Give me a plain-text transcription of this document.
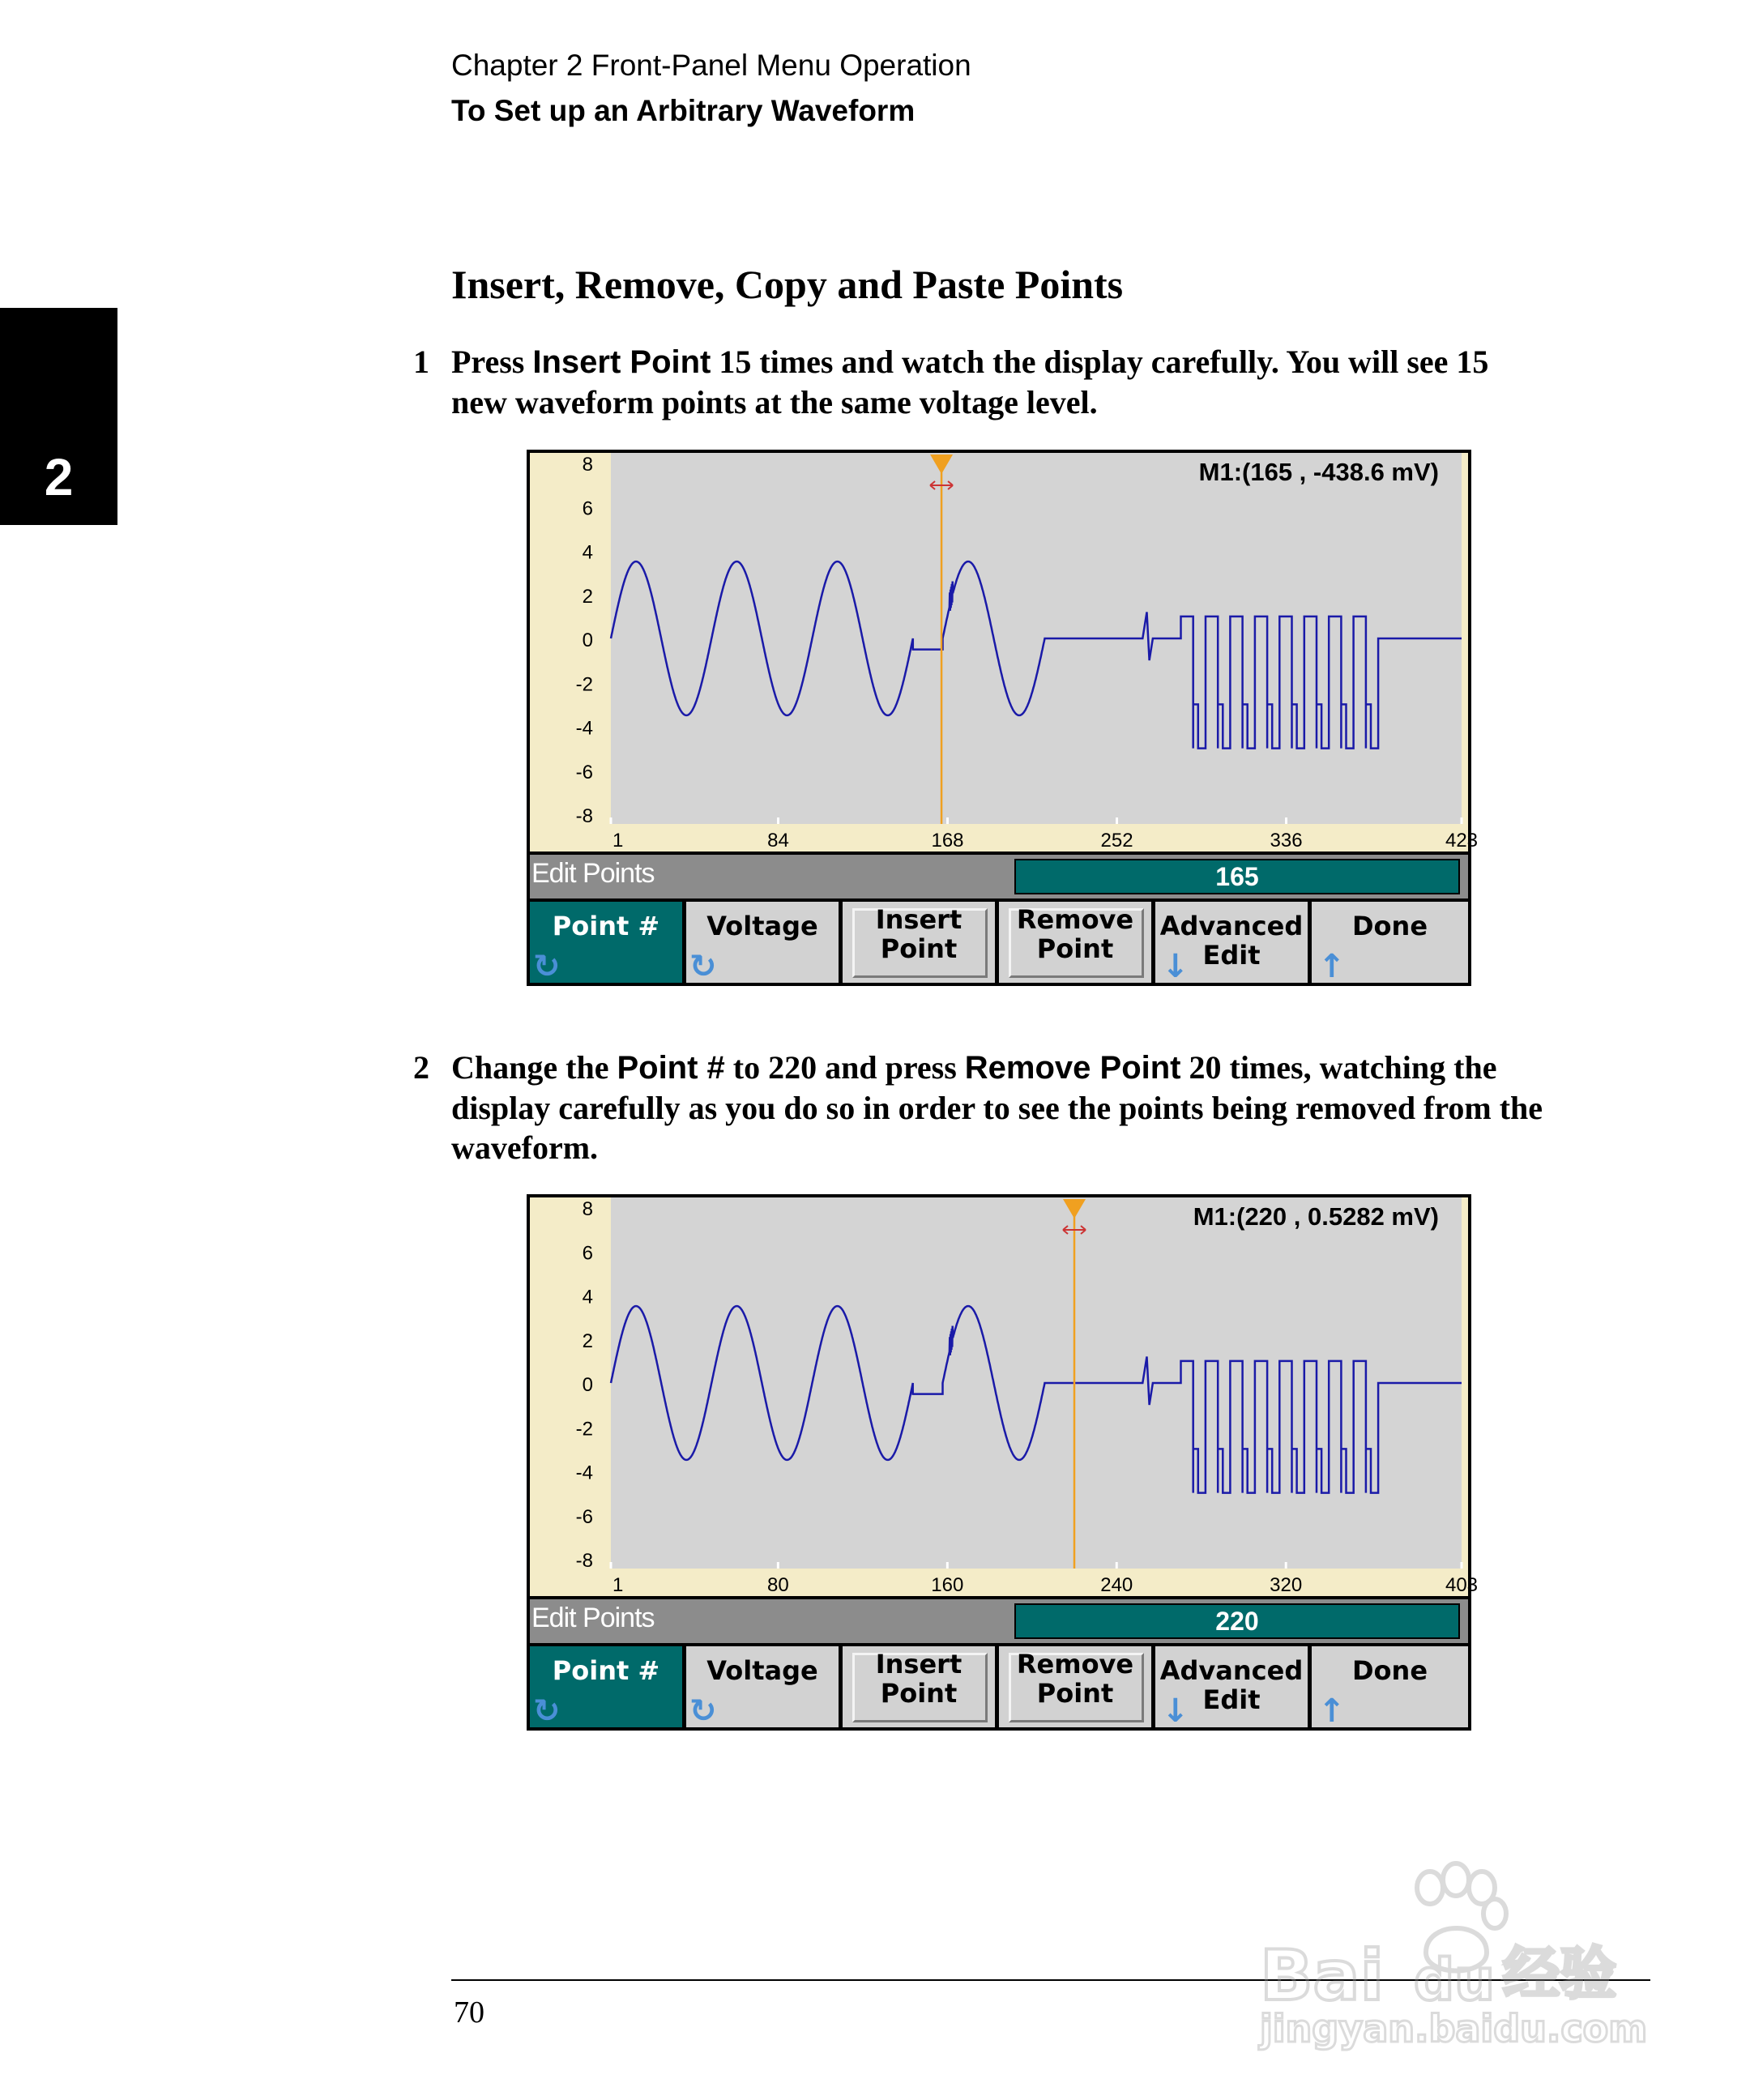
Chapter 2 Front-Panel Menu Operation
To Set up an Arbitrary Waveform
2
Insert, Remove, Copy and Paste Points
1 Press Insert Point 15 times and watch the display carefully. You will see 15 new waveform points at the same voltage level.
8
6
4
2
0
-2
-4
-6
-8
1	84	168	252	336	423
M1:(165 , -438.6 mV)
Edit Points	165
Point #
↻
Voltage
↻
Insert
Point
Remove
Point
Advanced
Edit
↓
Done
↑
2 Change the Point # to 220 and press Remove Point 20 times, watching the display carefully as you do so in order to see the points being removed from the waveform.
8
6
4
2
0
-2
-4
-6
-8
1	80	160	240	320	403
M1:(220 , 0.5282 mV)
Edit Points	220
Point #
↻
Voltage
↻
Insert
Point
Remove
Point
Advanced
Edit
↓
Done
↑
70	Bai du 经验
jingyan.baidu.com
